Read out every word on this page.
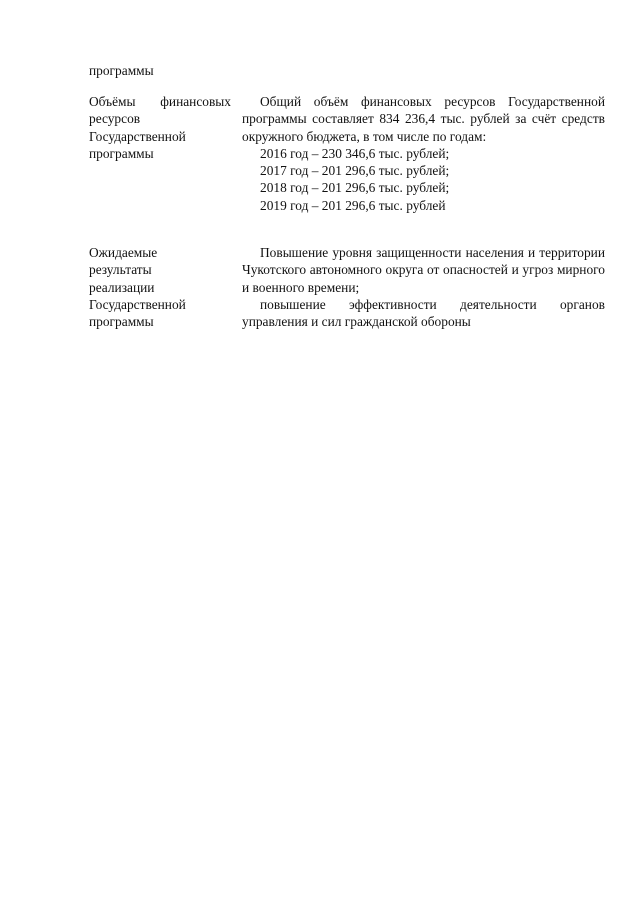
программы
Объёмы финансовых
ресурсов
Государственной
программы

Общий объём финансовых ресурсов Государственной программы составляет 834 236,4 тыс. рублей за счёт средств окружного бюджета, в том числе по годам:

2016 год – 230 346,6 тыс. рублей;
2017 год – 201 296,6 тыс. рублей;
2018 год – 201 296,6 тыс. рублей;
2019 год – 201 296,6 тыс. рублей
Ожидаемые
результаты
реализации
Государственной
программы

Повышение уровня защищенности населения и территории Чукотского автономного округа от опасностей и угроз мирного и военного времени;

повышение эффективности деятельности органов управления и сил гражданской обороны
